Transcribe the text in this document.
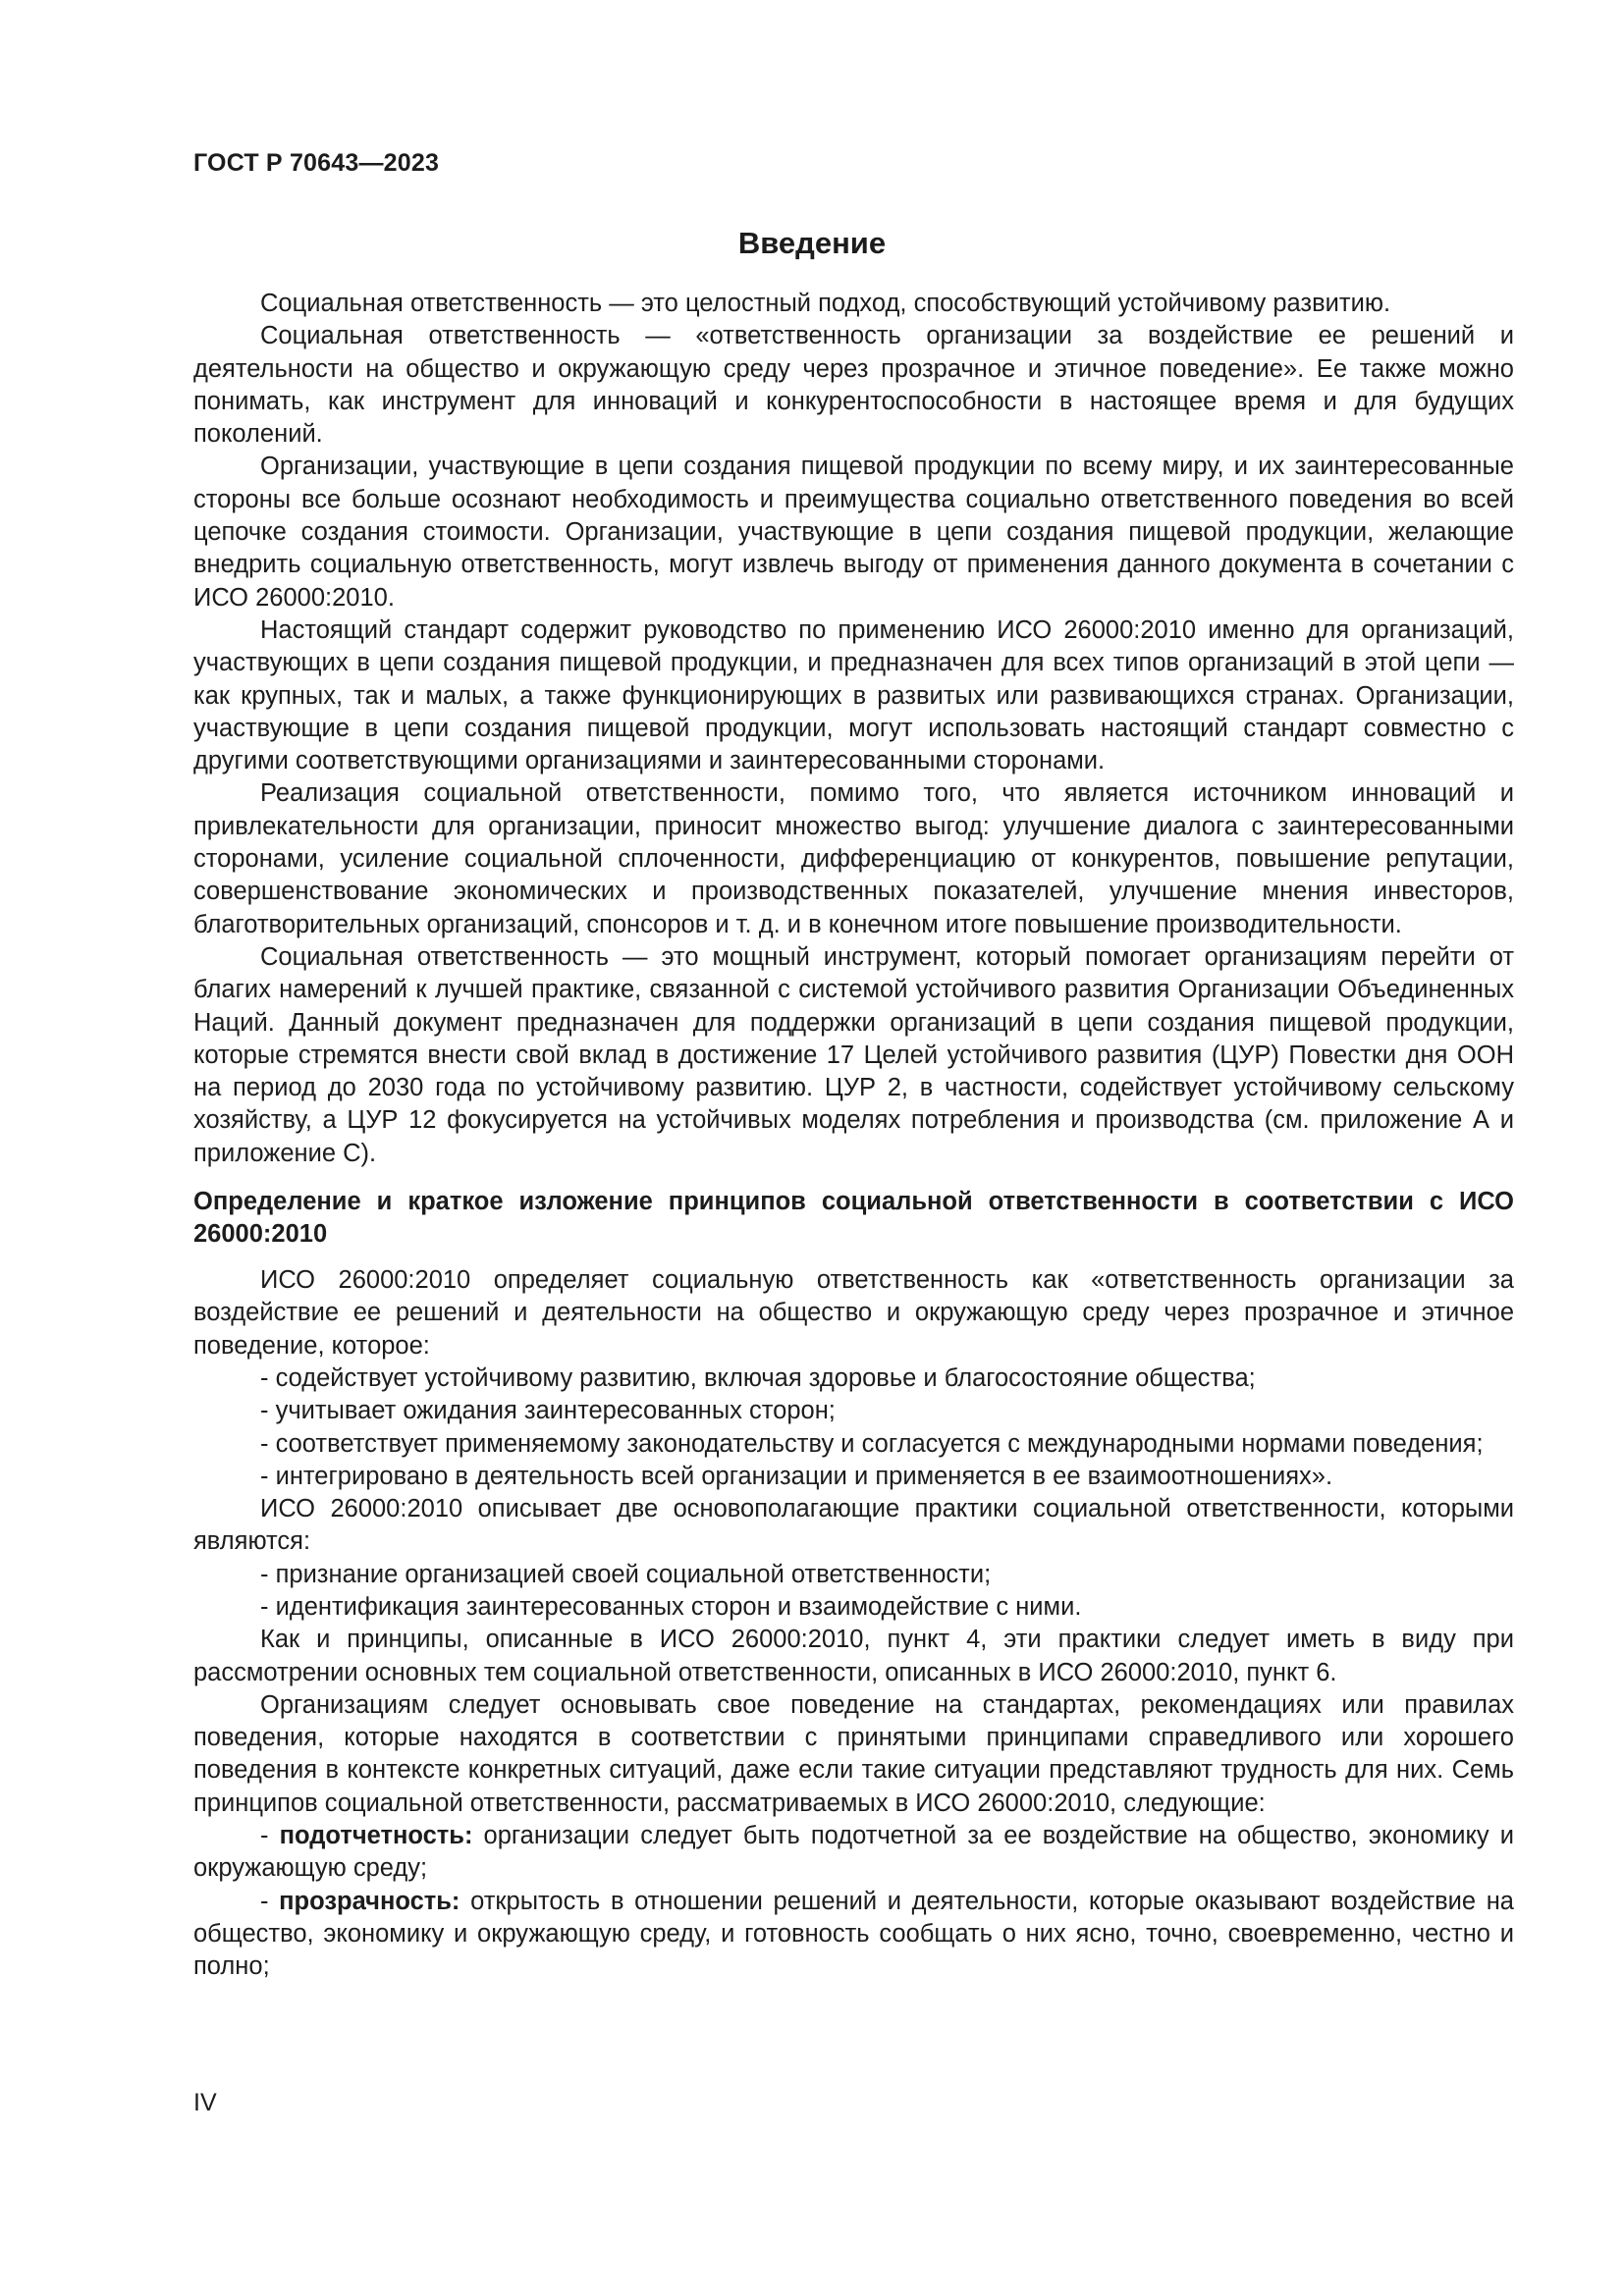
ГОСТ Р 70643—2023
Введение

Социальная ответственность — это целостный подход, способствующий устойчивому развитию.

Социальная ответственность — «ответственность организации за воздействие ее решений и деятельности на общество и окружающую среду через прозрачное и этичное поведение». Ее также можно понимать, как инструмент для инноваций и конкурентоспособности в настоящее время и для будущих поколений.

Организации, участвующие в цепи создания пищевой продукции по всему миру, и их заинтересованные стороны все больше осознают необходимость и преимущества социально ответственного поведения во всей цепочке создания стоимости. Организации, участвующие в цепи создания пищевой продукции, желающие внедрить социальную ответственность, могут извлечь выгоду от применения данного документа в сочетании с ИСО 26000:2010.

Настоящий стандарт содержит руководство по применению ИСО 26000:2010 именно для организаций, участвующих в цепи создания пищевой продукции, и предназначен для всех типов организаций в этой цепи — как крупных, так и малых, а также функционирующих в развитых или развивающихся странах. Организации, участвующие в цепи создания пищевой продукции, могут использовать настоящий стандарт совместно с другими соответствующими организациями и заинтересованными сторонами.

Реализация социальной ответственности, помимо того, что является источником инноваций и привлекательности для организации, приносит множество выгод: улучшение диалога с заинтересованными сторонами, усиление социальной сплоченности, дифференциацию от конкурентов, повышение репутации, совершенствование экономических и производственных показателей, улучшение мнения инвесторов, благотворительных организаций, спонсоров и т. д. и в конечном итоге повышение производительности.

Социальная ответственность — это мощный инструмент, который помогает организациям перейти от благих намерений к лучшей практике, связанной с системой устойчивого развития Организации Объединенных Наций. Данный документ предназначен для поддержки организаций в цепи создания пищевой продукции, которые стремятся внести свой вклад в достижение 17 Целей устойчивого развития (ЦУР) Повестки дня ООН на период до 2030 года по устойчивому развитию. ЦУР 2, в частности, содействует устойчивому сельскому хозяйству, а ЦУР 12 фокусируется на устойчивых моделях потребления и производства (см. приложение А и приложение С).

Определение и краткое изложение принципов социальной ответственности в соответствии с ИСО 26000:2010

ИСО 26000:2010 определяет социальную ответственность как «ответственность организации за воздействие ее решений и деятельности на общество и окружающую среду через прозрачное и этичное поведение, которое:

- содействует устойчивому развитию, включая здоровье и благосостояние общества;

- учитывает ожидания заинтересованных сторон;

- соответствует применяемому законодательству и согласуется с международными нормами поведения;

- интегрировано в деятельность всей организации и применяется в ее взаимоотношениях».

ИСО 26000:2010 описывает две основополагающие практики социальной ответственности, которыми являются:

- признание организацией своей социальной ответственности;

- идентификация заинтересованных сторон и взаимодействие с ними.

Как и принципы, описанные в ИСО 26000:2010, пункт 4, эти практики следует иметь в виду при рассмотрении основных тем социальной ответственности, описанных в ИСО 26000:2010, пункт 6.

Организациям следует основывать свое поведение на стандартах, рекомендациях или правилах поведения, которые находятся в соответствии с принятыми принципами справедливого или хорошего поведения в контексте конкретных ситуаций, даже если такие ситуации представляют трудность для них. Семь принципов социальной ответственности, рассматриваемых в ИСО 26000:2010, следующие:

- подотчетность: организации следует быть подотчетной за ее воздействие на общество, экономику и окружающую среду;

- прозрачность: открытость в отношении решений и деятельности, которые оказывают воздействие на общество, экономику и окружающую среду, и готовность сообщать о них ясно, точно, своевременно, честно и полно;

IV
